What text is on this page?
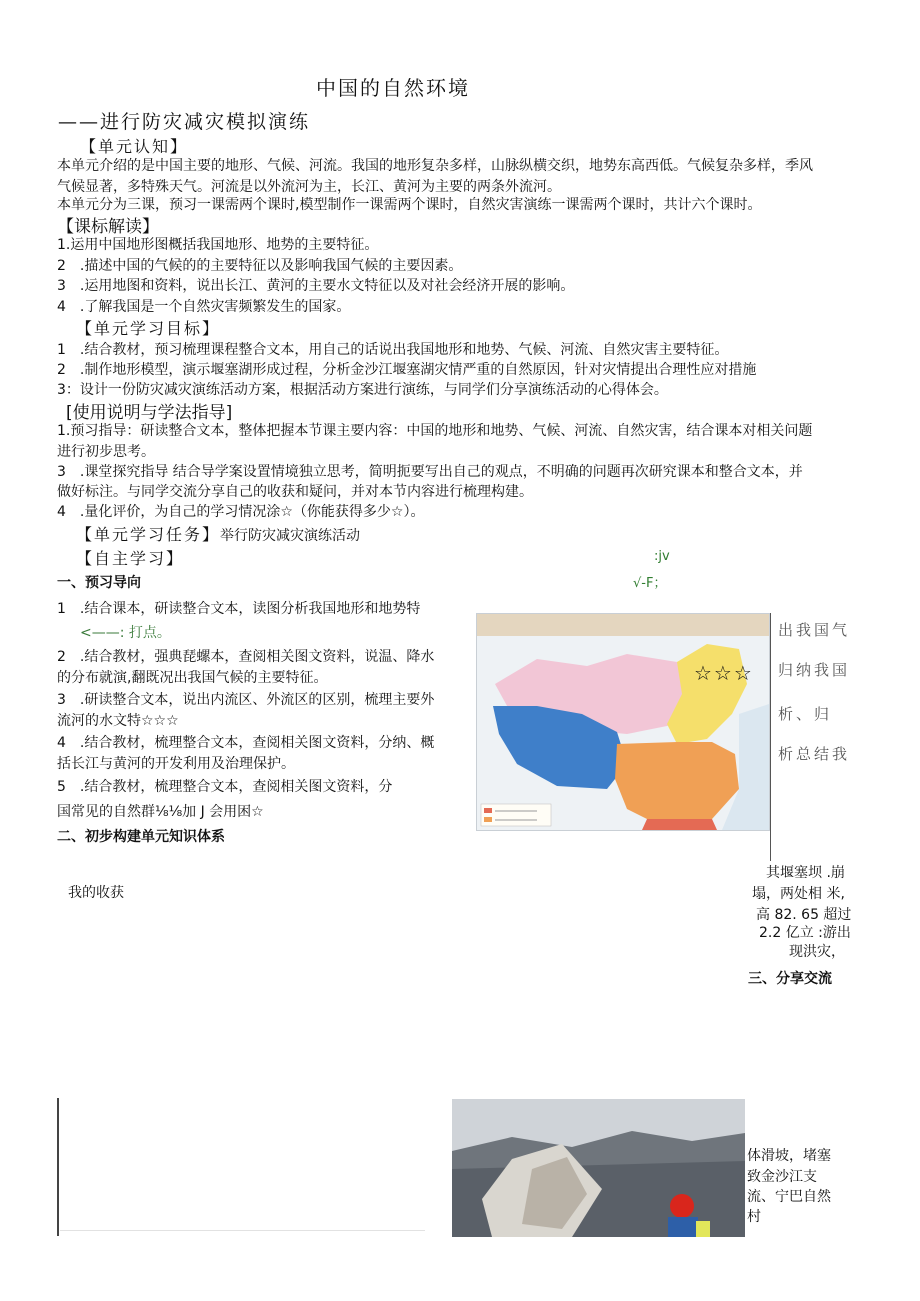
中国的自然环境
——进行防灾减灾模拟演练
【单元认知】
本单元介绍的是中国主要的地形、气候、河流。我国的地形复杂多样，山脉纵横交织，地势东高西低。气候复杂多样，季风
气候显著，多特殊天气。河流是以外流河为主，长江、黄河为主要的两条外流河。
本单元分为三课，预习一课需两个课时,模型制作一课需两个课时，自然灾害演练一课需两个课时，共计六个课时。
【课标解读】
1.运用中国地形图概括我国地形、地势的主要特征。
2　.描述中国的气候的的主要特征以及影响我国气候的主要因素。
3　.运用地图和资料，说出长江、黄河的主要水文特征以及对社会经济开展的影响。
4　.了解我国是一个自然灾害频繁发生的国家。
【单元学习目标】
1　.结合教材，预习梳理课程整合文本，用自己的话说出我国地形和地势、气候、河流、自然灾害主要特征。
2　.制作地形模型，演示堰塞湖形成过程，分析金沙江堰塞湖灾情严重的自然原因，针对灾情提出合理性应对措施
3：设计一份防灾减灾演练活动方案，根据活动方案进行演练，与同学们分享演练活动的心得体会。
[使用说明与学法指导]
1.预习指导：研读整合文本，整体把握本节课主要内容：中国的地形和地势、气候、河流、自然灾害，结合课本对相关问题
进行初步思考。
3　.课堂探究指导 结合导学案设置情境独立思考，简明扼要写出自己的观点，不明确的问题再次研究课本和整合文本，并
做好标注。与同学交流分享自己的收获和疑问，并对本节内容进行梳理构建。
4　.量化评价，为自己的学习情况涂☆（你能获得多少☆）。
【单元学习任务】举行防灾减灾演练活动
【自主学习】	:jv
√-F；
一、预习导向
1　.结合课本，研读整合文本，读图分析我国地形和地势特
<——: 打点。
2　.结合教材，强典琵螺本，查阅相关图文资料，说温、降水
的分布就演,翻既况出我国气候的主要特征。
3　.研读整合文本，说出内流区、外流区的区别，梳理主要外
流河的水文特☆☆☆
4　.结合教材，梳理整合文本，查阅相关图文资料，分纳、概
括长江与黄河的开发利用及治理保护。
5　.结合教材，梳理整合文本，查阅相关图文资料，分
国常见的自然群⅛⅛加 J 会用困☆
☆☆☆
出我国气
归纳我国
析、归
析总结我
二、初步构建单元知识体系
我的收获
其堰塞坝 .崩
塌，两处相 米,
高 82. 65 超过
2.2 亿立 :游出
现洪灾，
三、分享交流
体滑坡，堵塞
致金沙江支
流、宁巴自然
村
